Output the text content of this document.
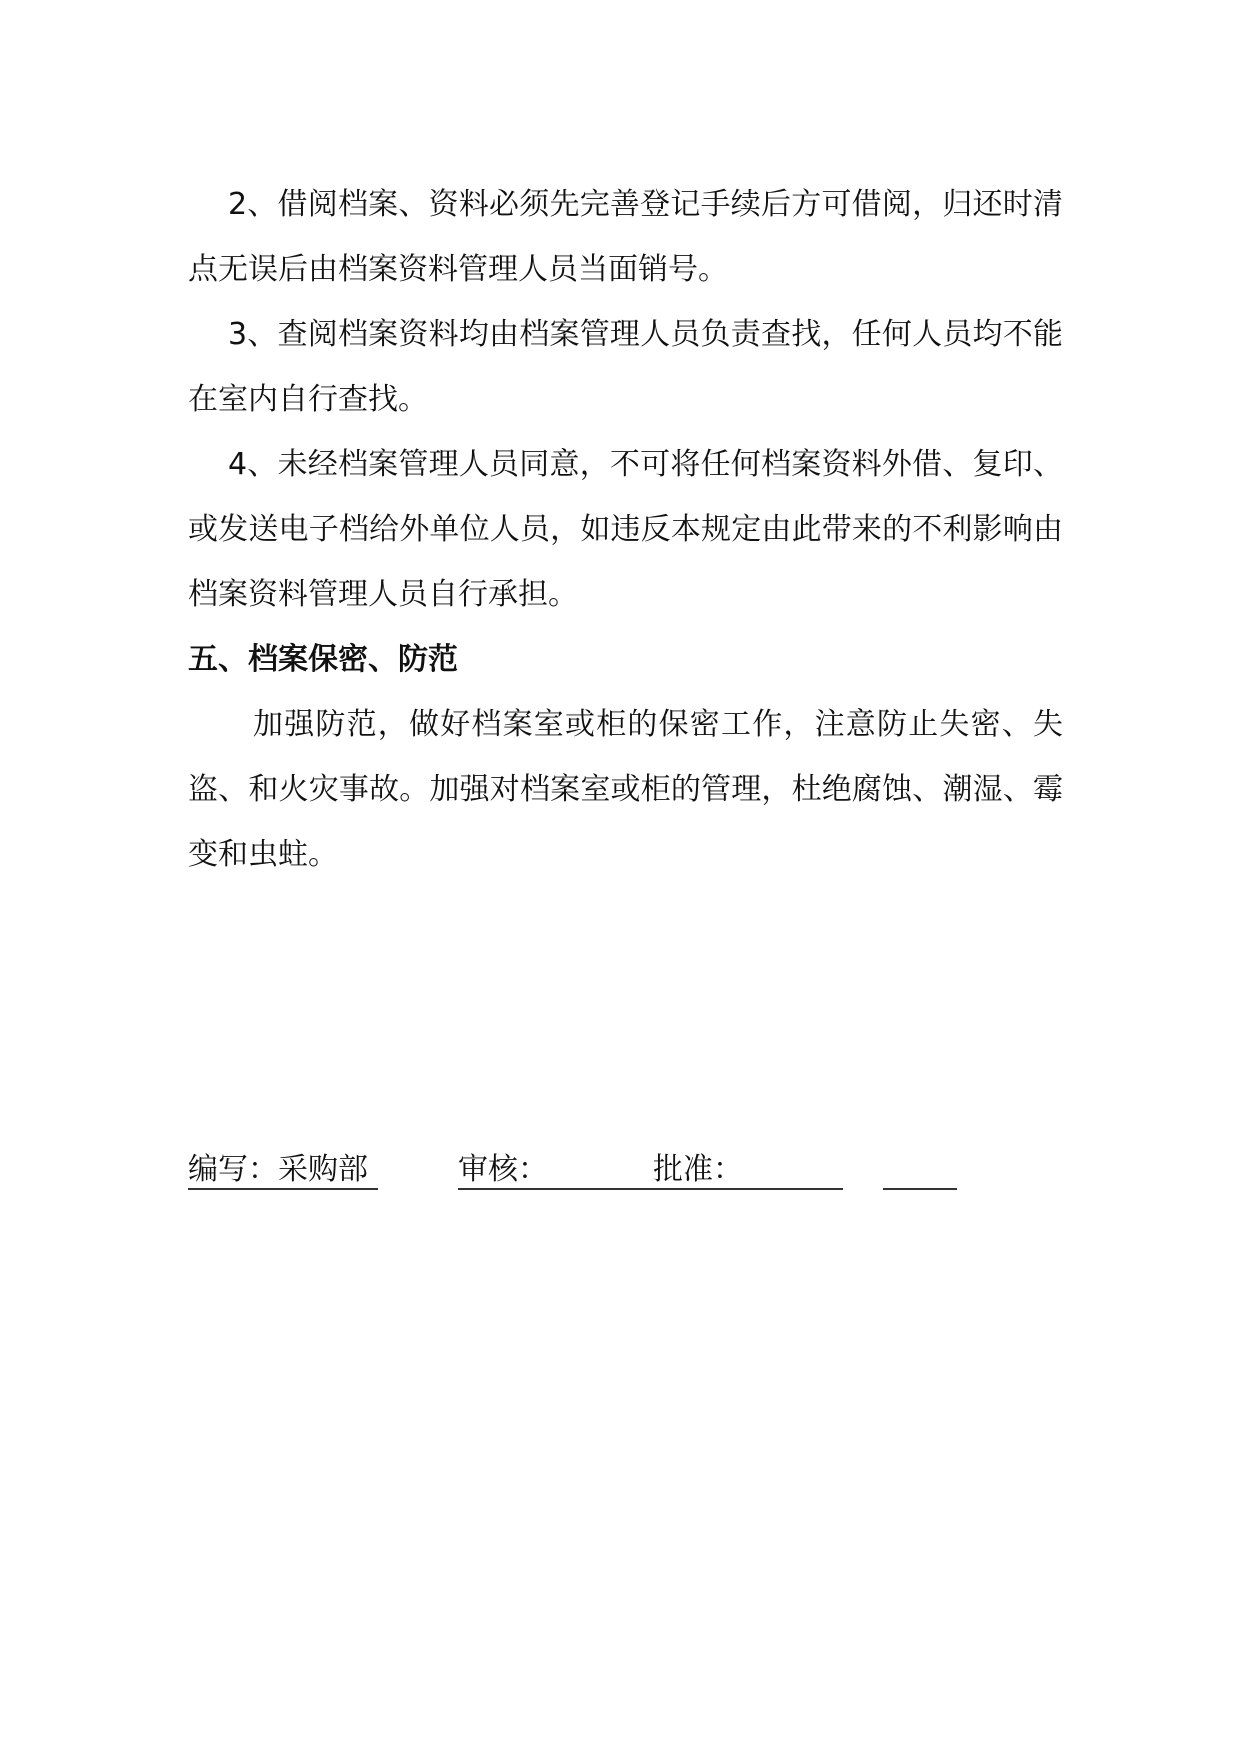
2、借阅档案、资料必须先完善登记手续后方可借阅，归还时清点无误后由档案资料管理人员当面销号。

3、查阅档案资料均由档案管理人员负责查找，任何人员均不能在室内自行查找。

4、未经档案管理人员同意，不可将任何档案资料外借、复印、或发送电子档给外单位人员，如违反本规定由此带来的不利影响由档案资料管理人员自行承担。

五、档案保密、防范

加强防范，做好档案室或柜的保密工作，注意防止失密、失盗、和火灾事故。加强对档案室或柜的管理，杜绝腐蚀、潮湿、霉变和虫蛀。

编写：采购部	审核：	批准：
